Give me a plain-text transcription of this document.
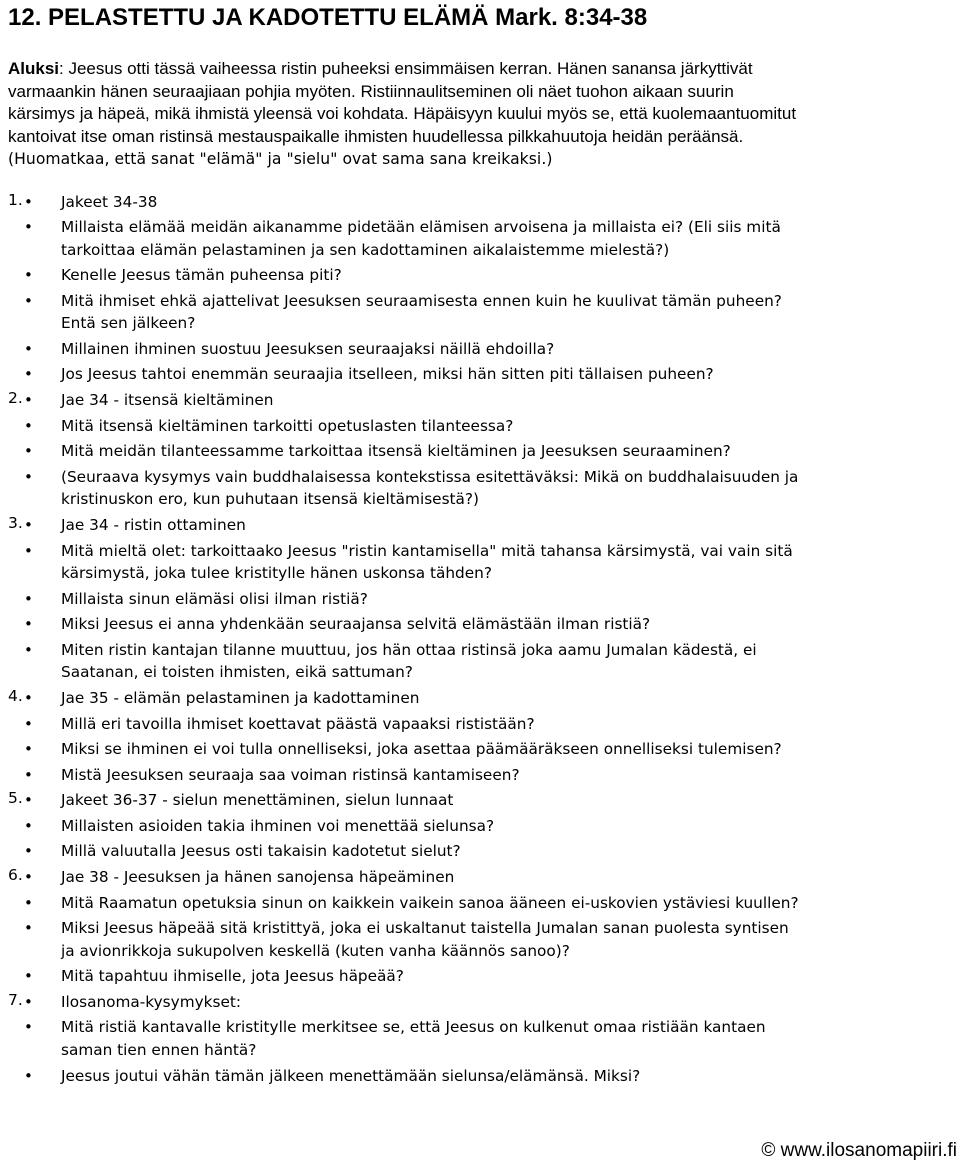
12. PELASTETTU JA KADOTETTU ELÄMÄ Mark. 8:34-38
Aluksi: Jeesus otti tässä vaiheessa ristin puheeksi ensimmäisen kerran. Hänen sanansa järkyttivät
varmaankin hänen seuraajiaan pohjia myöten. Ristiinnaulitseminen oli näet tuohon aikaan suurin
kärsimys ja häpeä, mikä ihmistä yleensä voi kohdata. Häpäisyyn kuului myös se, että kuolemaantuomitut
kantoivat itse oman ristinsä mestauspaikalle ihmisten huudellessa pilkkahuutoja heidän peräänsä.
(Huomatkaa, että sanat "elämä" ja "sielu" ovat sama sana kreikaksi.)
1. • Jakeet 34-38
• Millaista elämää meidän aikanamme pidetään elämisen arvoisena ja millaista ei? (Eli siis mitä
tarkoittaa elämän pelastaminen ja sen kadottaminen aikalaistemme mielestä?)
• Kenelle Jeesus tämän puheensa piti?
• Mitä ihmiset ehkä ajattelivat Jeesuksen seuraamisesta ennen kuin he kuulivat tämän puheen?
Entä sen jälkeen?
• Millainen ihminen suostuu Jeesuksen seuraajaksi näillä ehdoilla?
• Jos Jeesus tahtoi enemmän seuraajia itselleen, miksi hän sitten piti tällaisen puheen?
2. • Jae 34 - itsensä kieltäminen
• Mitä itsensä kieltäminen tarkoitti opetuslasten tilanteessa?
• Mitä meidän tilanteessamme tarkoittaa itsensä kieltäminen ja Jeesuksen seuraaminen?
• (Seuraava kysymys vain buddhalaisessa kontekstissa esitettäväksi: Mikä on buddhalaisuuden ja
kristinuskon ero, kun puhutaan itsensä kieltämisestä?)
3. • Jae 34 - ristin ottaminen
• Mitä mieltä olet: tarkoittaako Jeesus "ristin kantamisella" mitä tahansa kärsimystä, vai vain sitä
kärsimystä, joka tulee kristitylle hänen uskonsa tähden?
• Millaista sinun elämäsi olisi ilman ristiä?
• Miksi Jeesus ei anna yhdenkään seuraajansa selvitä elämästään ilman ristiä?
• Miten ristin kantajan tilanne muuttuu, jos hän ottaa ristinsä joka aamu Jumalan kädestä, ei
Saatanan, ei toisten ihmisten, eikä sattuman?
4. • Jae 35 - elämän pelastaminen ja kadottaminen
• Millä eri tavoilla ihmiset koettavat päästä vapaaksi rististään?
• Miksi se ihminen ei voi tulla onnelliseksi, joka asettaa päämääräkseen onnelliseksi tulemisen?
• Mistä Jeesuksen seuraaja saa voiman ristinsä kantamiseen?
5. • Jakeet 36-37 - sielun menettäminen, sielun lunnaat
• Millaisten asioiden takia ihminen voi menettää sielunsa?
• Millä valuutalla Jeesus osti takaisin kadotetut sielut?
6. • Jae 38 - Jeesuksen ja hänen sanojensa häpeäminen
• Mitä Raamatun opetuksia sinun on kaikkein vaikein sanoa ääneen ei-uskovien ystäviesi kuullen?
• Miksi Jeesus häpeää sitä kristittyä, joka ei uskaltanut taistella Jumalan sanan puolesta syntisen
ja avionrikkoja sukupolven keskellä (kuten vanha käännös sanoo)?
• Mitä tapahtuu ihmiselle, jota Jeesus häpeää?
7. • Ilosanoma-kysymykset:
• Mitä ristiä kantavalle kristitylle merkitsee se, että Jeesus on kulkenut omaa ristiään kantaen
saman tien ennen häntä?
• Jeesus joutui vähän tämän jälkeen menettämään sielunsa/elämänsä. Miksi?
© www.ilosanomapiiri.fi
